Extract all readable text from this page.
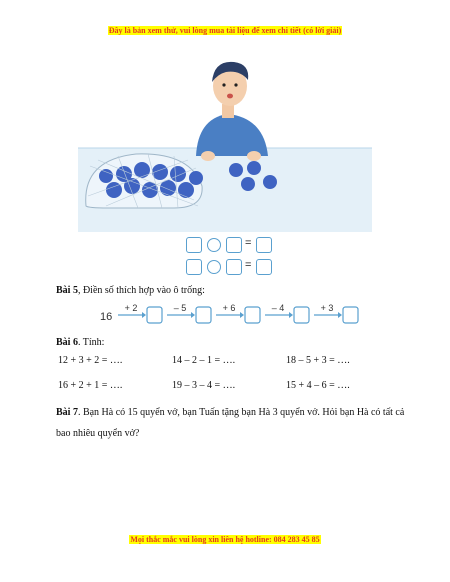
Đây là bản xem thử, vui lòng mua tài liệu để xem chi tiết (có lời giải)
=
=
Bài 5, Điền số thích hợp vào ô trống:
16
+ 2	– 5	+ 6	– 4	+ 3
Bài 6. Tính:
12 + 3 + 2 = ….	14 – 2 – 1 = ….	18 – 5 + 3 = ….
16 + 2 + 1 = ….	19 – 3 – 4 = ….	15 + 4 – 6 = ….
Bài 7. Bạn Hà có 15 quyển vở, bạn Tuấn tặng bạn Hà 3 quyển vở. Hỏi bạn Hà có tất cả bao nhiêu quyển vở?
Mọi thắc mắc vui lòng xin liên hệ hotline: 084 283 45 85
